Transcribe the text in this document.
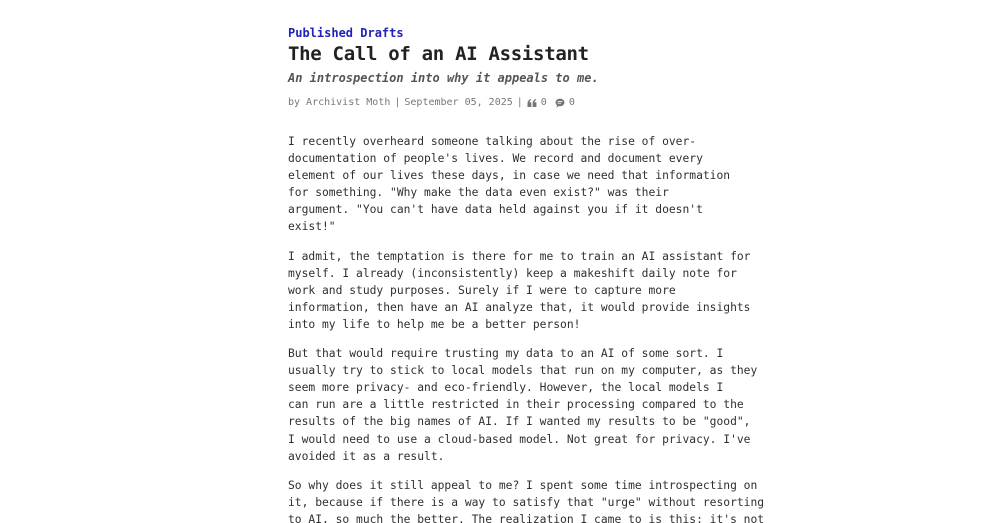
Published Drafts
The Call of an AI Assistant
An introspection into why it appeals to me.
by Archivist Moth | September 05, 2025 | 0 0

I recently overheard someone talking about the rise of over-
documentation of people's lives. We record and document every
element of our lives these days, in case we need that information
for something. "Why make the data even exist?" was their
argument. "You can't have data held against you if it doesn't
exist!"

I admit, the temptation is there for me to train an AI assistant for
myself. I already (inconsistently) keep a makeshift daily note for
work and study purposes. Surely if I were to capture more
information, then have an AI analyze that, it would provide insights
into my life to help me be a better person!

But that would require trusting my data to an AI of some sort. I
usually try to stick to local models that run on my computer, as they
seem more privacy- and eco-friendly. However, the local models I
can run are a little restricted in their processing compared to the
results of the big names of AI. If I wanted my results to be "good",
I would need to use a cloud-based model. Not great for privacy. I've
avoided it as a result.

So why does it still appeal to me? I spent some time introspecting on
it, because if there is a way to satisfy that "urge" without resorting
to AI, so much the better. The realization I came to is this: it's not
